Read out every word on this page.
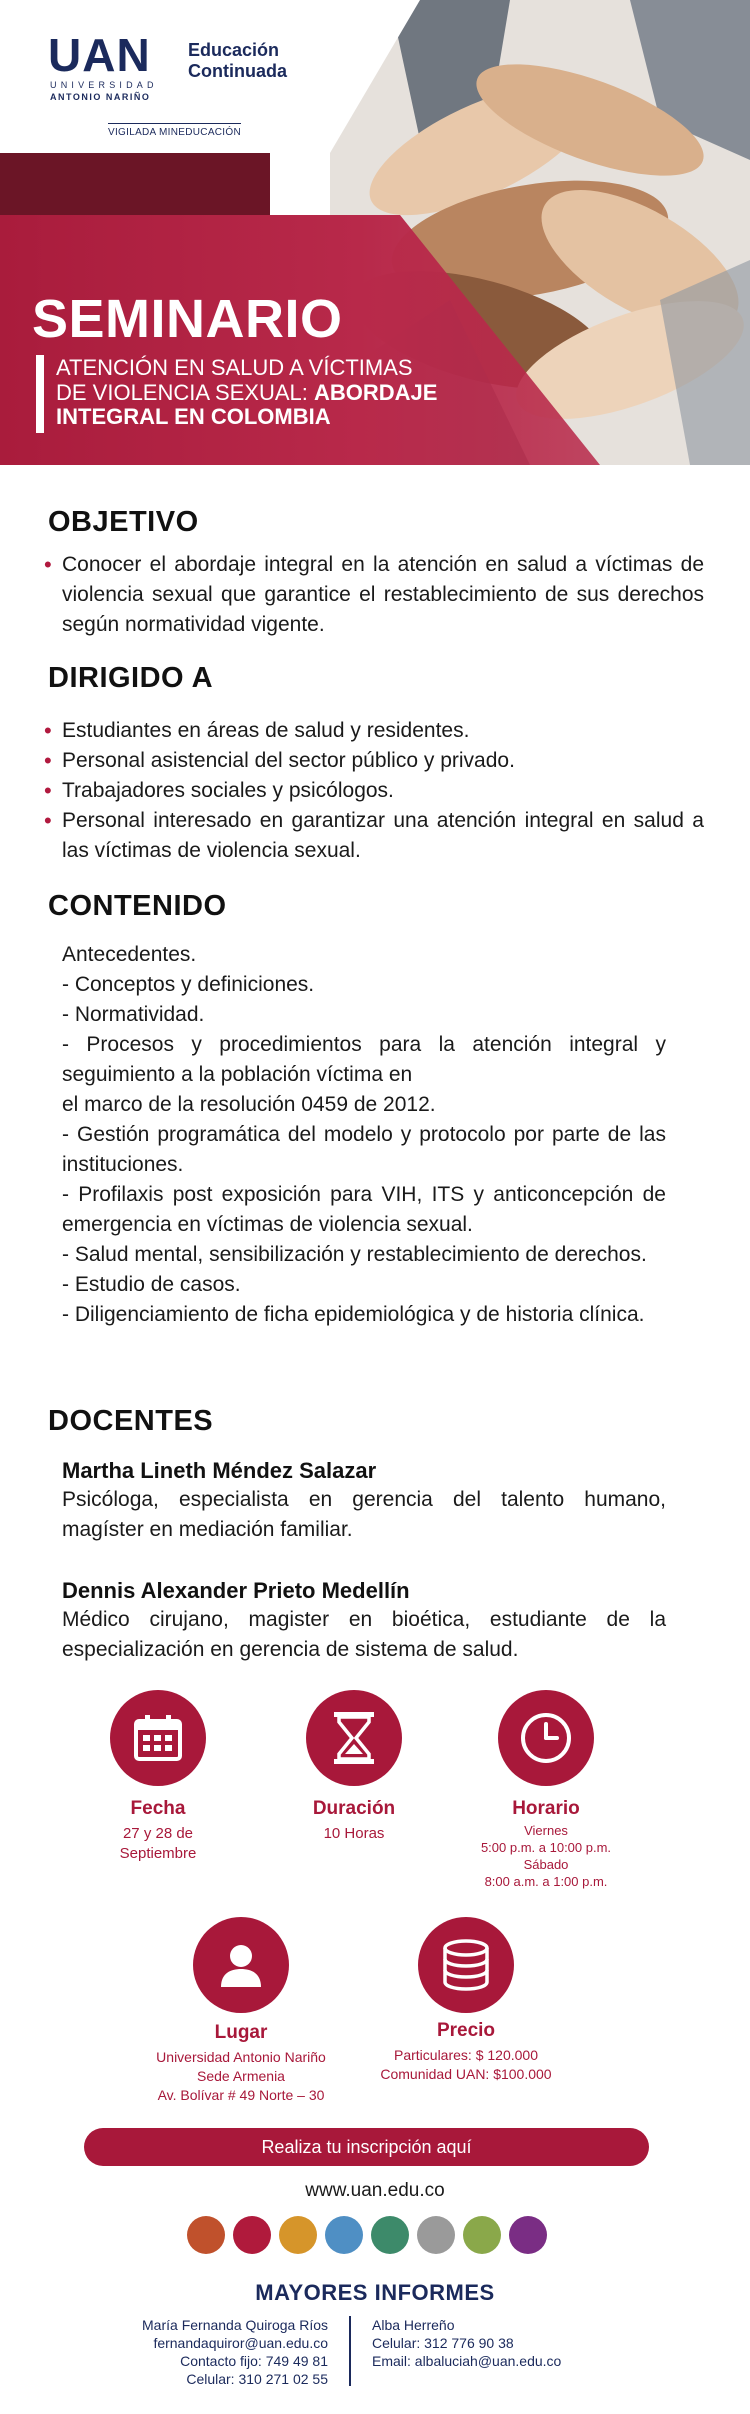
UAN
UNIVERSIDAD
ANTONIO NARIÑO
Educación
Continuada
VIGILADA MINEDUCACIÓN
SEMINARIO
ATENCIÓN EN SALUD A VÍCTIMAS
DE VIOLENCIA SEXUAL: ABORDAJE
INTEGRAL EN COLOMBIA
OBJETIVO
• Conocer el abordaje integral en la atención en salud a víctimas de violencia sexual que garantice el restablecimiento de sus derechos según normatividad vigente.
DIRIGIDO A
• Estudiantes en áreas de salud y residentes.
• Personal asistencial del sector público y privado.
• Trabajadores sociales y psicólogos.
• Personal interesado en garantizar una atención integral en salud a las víctimas de violencia sexual.
CONTENIDO
Antecedentes.
- Conceptos y definiciones.
- Normatividad.
- Procesos y procedimientos para la atención integral y seguimiento a la población víctima en
el marco de la resolución 0459 de 2012.
- Gestión programática del modelo y protocolo por parte de las instituciones.
- Profilaxis post exposición para VIH, ITS y anticoncepción de emergencia en víctimas de violencia sexual.
- Salud mental, sensibilización y restablecimiento de derechos.
- Estudio de casos.
- Diligenciamiento de ficha epidemiológica y de historia clínica.
DOCENTES
Martha Lineth Méndez Salazar
Psicóloga, especialista en gerencia del talento humano, magíster en mediación familiar.
Dennis Alexander Prieto Medellín
Médico cirujano, magister en bioética, estudiante de la especialización en gerencia de sistema de salud.
Fecha
27 y 28 de
Septiembre
Duración
10 Horas
Horario
Viernes
5:00 p.m. a 10:00 p.m.
Sábado
8:00 a.m. a 1:00 p.m.
Lugar
Universidad Antonio Nariño
Sede Armenia
Av. Bolívar # 49 Norte – 30
Precio
Particulares: $ 120.000
Comunidad UAN: $100.000
Realiza tu inscripción aquí
www.uan.edu.co
MAYORES INFORMES
María Fernanda Quiroga Ríos
fernandaquiror@uan.edu.co
Contacto fijo: 749 49 81
Celular: 310 271 02 55
Alba Herreño
Celular: 312 776 90 38
Email: albaluciah@uan.edu.co
